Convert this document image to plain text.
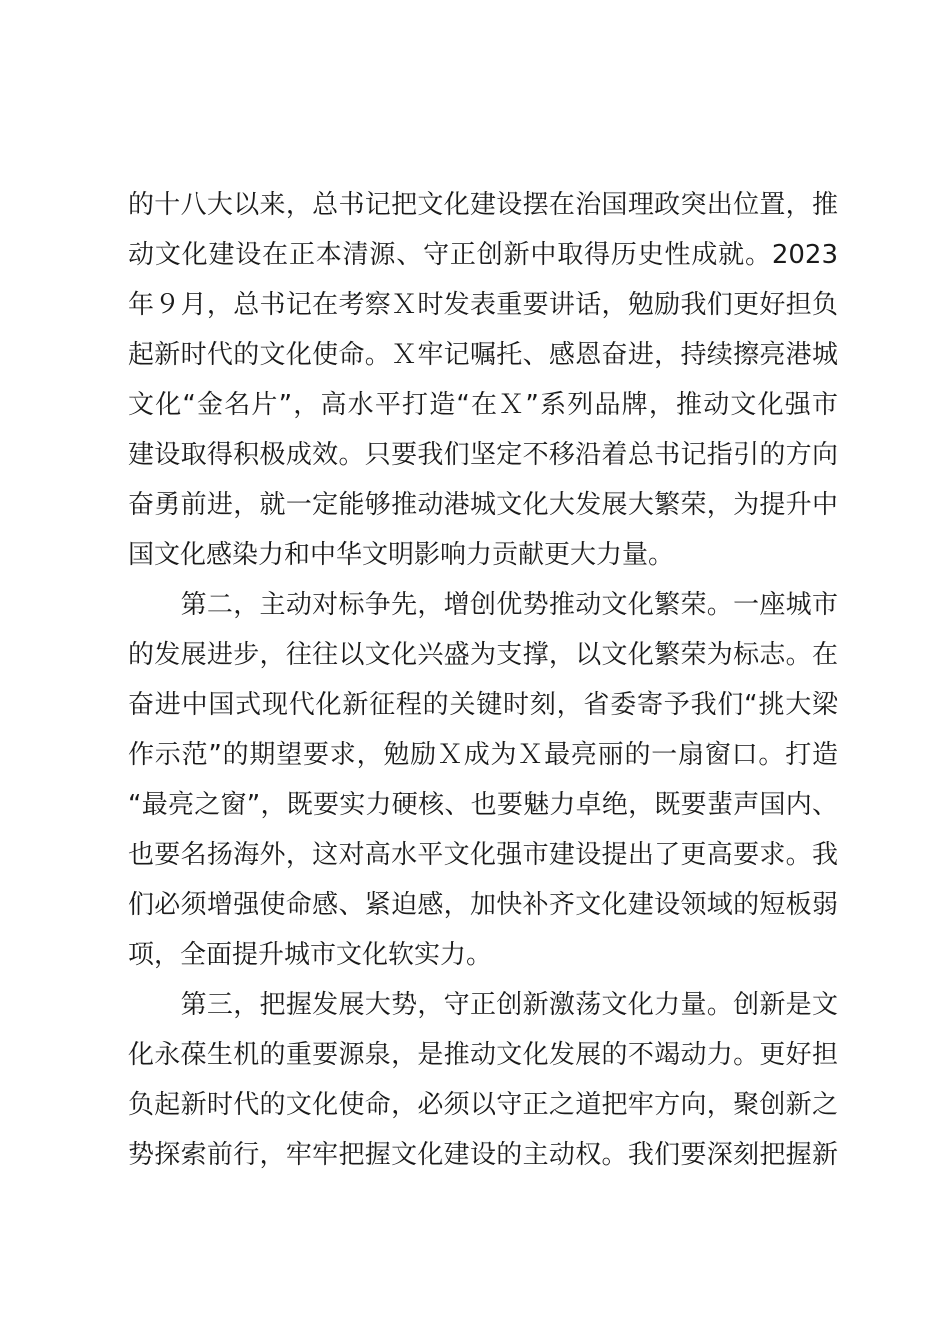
的十八大以来，总书记把文化建设摆在治国理政突出位置，推
动文化建设在正本清源、守正创新中取得历史性成就。2023
年９月，总书记在考察Ｘ时发表重要讲话，勉励我们更好担负
起新时代的文化使命。Ｘ牢记嘱托、感恩奋进，持续擦亮港城
文化“金名片”，高水平打造“在Ｘ”系列品牌，推动文化强市
建设取得积极成效。只要我们坚定不移沿着总书记指引的方向
奋勇前进，就一定能够推动港城文化大发展大繁荣，为提升中
国文化感染力和中华文明影响力贡献更大力量。
　　第二，主动对标争先，增创优势推动文化繁荣。一座城市
的发展进步，往往以文化兴盛为支撑，以文化繁荣为标志。在
奋进中国式现代化新征程的关键时刻，省委寄予我们“挑大梁
作示范”的期望要求，勉励Ｘ成为Ｘ最亮丽的一扇窗口。打造
“最亮之窗”，既要实力硬核、也要魅力卓绝，既要蜚声国内、
也要名扬海外，这对高水平文化强市建设提出了更高要求。我
们必须增强使命感、紧迫感，加快补齐文化建设领域的短板弱
项，全面提升城市文化软实力。
　　第三，把握发展大势，守正创新激荡文化力量。创新是文
化永葆生机的重要源泉，是推动文化发展的不竭动力。更好担
负起新时代的文化使命，必须以守正之道把牢方向，聚创新之
势探索前行，牢牢把握文化建设的主动权。我们要深刻把握新
